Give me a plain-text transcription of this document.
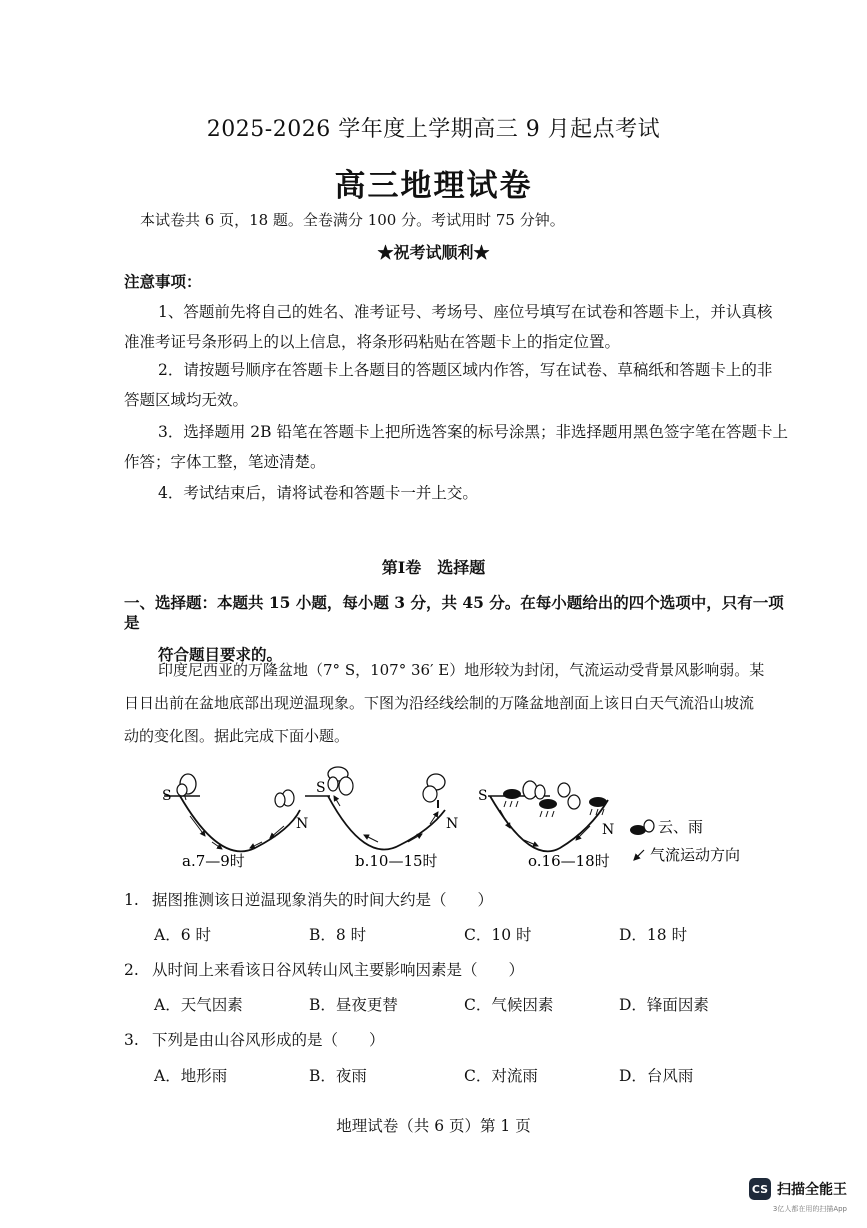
2025-2026 学年度上学期高三 9 月起点考试
高三地理试卷
本试卷共 6 页，18 题。全卷满分 100 分。考试用时 75 分钟。
★祝考试顺利★
注意事项：
1、答题前先将自己的姓名、准考证号、考场号、座位号填写在试卷和答题卡上，并认真核
准准考证号条形码上的以上信息，将条形码粘贴在答题卡上的指定位置。
2．请按题号顺序在答题卡上各题目的答题区域内作答，写在试卷、草稿纸和答题卡上的非
答题区域均无效。
3．选择题用 2B 铅笔在答题卡上把所选答案的标号涂黑；非选择题用黑色签字笔在答题卡上
作答；字体工整，笔迹清楚。
4．考试结束后，请将试卷和答题卡一并上交。
第Ⅰ卷　选择题
一、选择题：本题共 15 小题，每小题 3 分，共 45 分。在每小题给出的四个选项中，只有一项是
符合题目要求的。
印度尼西亚的万隆盆地（7° S，107° 36′ E）地形较为封闭，气流运动受背景风影响弱。某
日日出前在盆地底部出现逆温现象。下图为沿经线绘制的万隆盆地剖面上该日白天气流沿山坡流
动的变化图。据此完成下面小题。
S
N
a.7—9时
S
N
b.10—15时
S
N
o.16—18时
云、雨
气流运动方向
1. 据图推测该日逆温现象消失的时间大约是（　　）
A．6 时	B．8 时	C．10 时	D．18 时
2. 从时间上来看该日谷风转山风主要影响因素是（　　）
A．天气因素	B．昼夜更替	C．气候因素	D．锋面因素
3. 下列是由山谷风形成的是（　　）
A．地形雨	B．夜雨	C．对流雨	D．台风雨
地理试卷（共 6 页）第 1 页
CS 扫描全能王
3亿人都在用的扫描App
